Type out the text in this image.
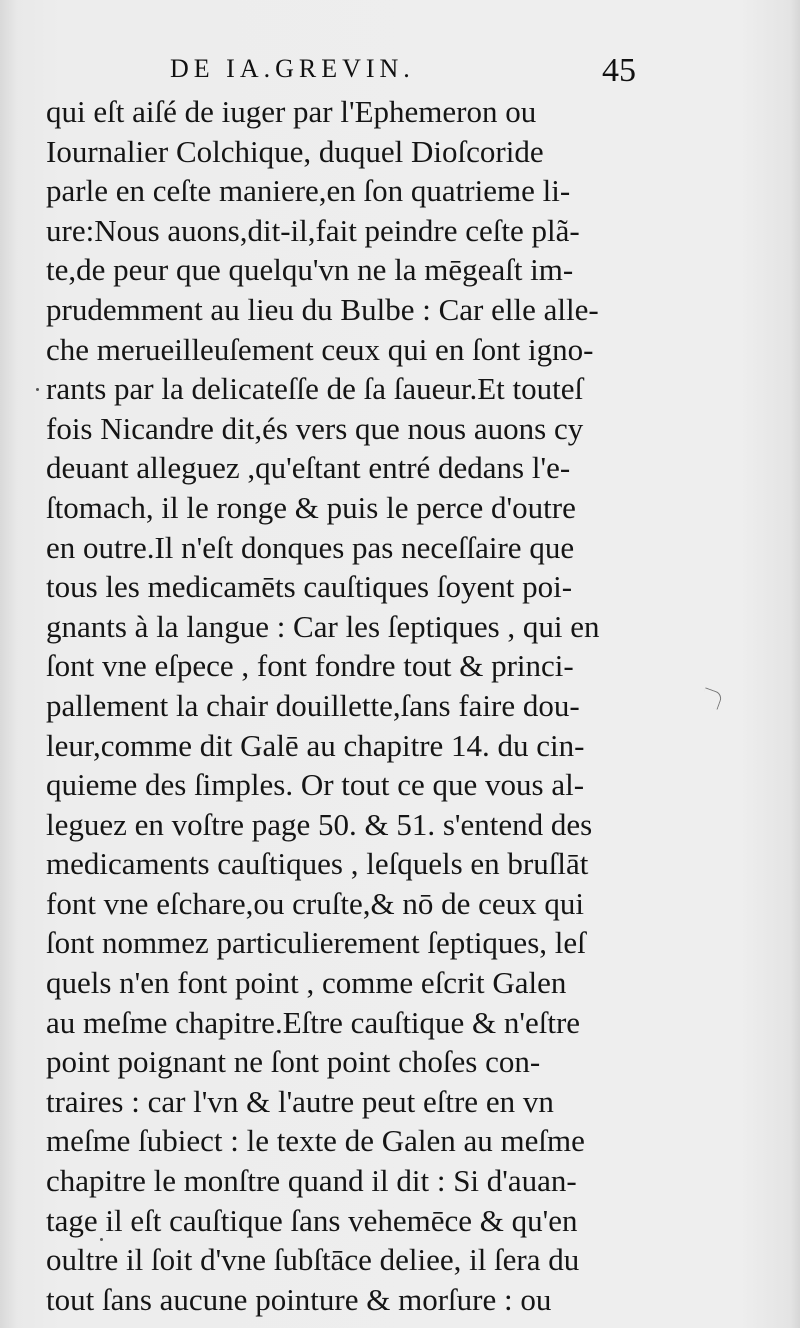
DE IA.GREVIN.	45
qui eſt aiſé de iuger par l'Ephemeron ou
Iournalier Colchique, duquel Dioſcoride
parle en ceſte maniere,en ſon quatrieme li-
ure:Nous auons,dit-il,fait peindre ceſte plã-
te,de peur que quelqu'vn ne la mēgeaſt im-
prudemment au lieu du Bulbe : Car elle alle-
che merueilleuſement ceux qui en ſont igno-
rants par la delicateſſe de ſa ſaueur.Et touteſ
fois Nicandre dit,és vers que nous auons cy
deuant alleguez ,qu'eſtant entré dedans l'e-
ſtomach, il le ronge & puis le perce d'outre
en outre.Il n'eſt donques pas neceſſaire que
tous les medicamēts cauſtiques ſoyent poi-
gnants à la langue : Car les ſeptiques , qui en
ſont vne eſpece , font fondre tout & princi-
pallement la chair douillette,ſans faire dou-
leur,comme dit Galē au chapitre 14. du cin-
quieme des ſimples. Or tout ce que vous al-
leguez en voſtre page 50. & 51. s'entend des
medicaments cauſtiques , leſquels en bruſlāt
font vne eſchare,ou cruſte,& nō de ceux qui
ſont nommez particulierement ſeptiques, leſ
quels n'en font point , comme eſcrit Galen
au meſme chapitre.Eſtre cauſtique & n'eſtre
point poignant ne ſont point choſes con-
traires : car l'vn & l'autre peut eſtre en vn
meſme ſubiect : le texte de Galen au meſme
chapitre le monſtre quand il dit : Si d'auan-
tage il eſt cauſtique ſans vehemēce & qu'en
oultre il ſoit d'vne ſubſtāce deliee, il ſera du
tout ſans aucune pointure & morſure : ou
